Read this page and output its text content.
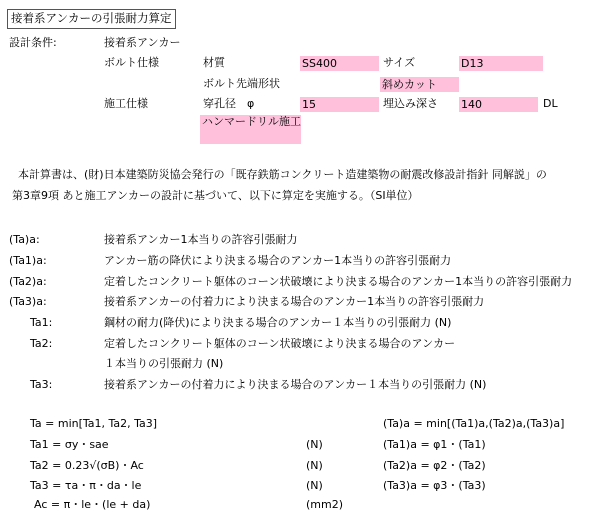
接着系アンカーの引張耐力算定
設計条件:	接着系アンカー
ボルト仕様	材質	SS400	サイズ	D13
ボルト先端形状	斜めカット
施工仕様	穿孔径　φ	15	埋込み深さ 140	DL
ハンマードリル施工
本計算書は、(財)日本建築防災協会発行の「既存鉄筋コンクリート造建築物の耐震改修設計指針 同解説」の
第3章9項 あと施工アンカーの設計に基づいて、以下に算定を実施する。（SI単位）
(Ta)a:	接着系アンカー1本当りの許容引張耐力
(Ta1)a:	アンカー筋の降伏により決まる場合のアンカー1本当りの許容引張耐力
(Ta2)a:	定着したコンクリート躯体のコーン状破壊により決まる場合のアンカー1本当りの許容引張耐力
(Ta3)a:	接着系アンカーの付着力により決まる場合のアンカー1本当りの許容引張耐力
Ta1:	鋼材の耐力(降伏)により決まる場合のアンカー１本当りの引張耐力 (N)
Ta2:	定着したコンクリート躯体のコーン状破壊により決まる場合のアンカー
１本当りの引張耐力 (N)
Ta3:	接着系アンカーの付着力により決まる場合のアンカー１本当りの引張耐力 (N)
Ta = min[Ta1, Ta2, Ta3]	(Ta)a = min[(Ta1)a,(Ta2)a,(Ta3)a]
Ta1 = σy・sae	(N)	(Ta1)a = φ1・(Ta1)
Ta2 = 0.23√(σB)・Ac	(N)	(Ta2)a = φ2・(Ta2)
Ta3 = τa・π・da・le	(N)	(Ta3)a = φ3・(Ta3)
Ac = π・le・(le + da)	(mm2)
